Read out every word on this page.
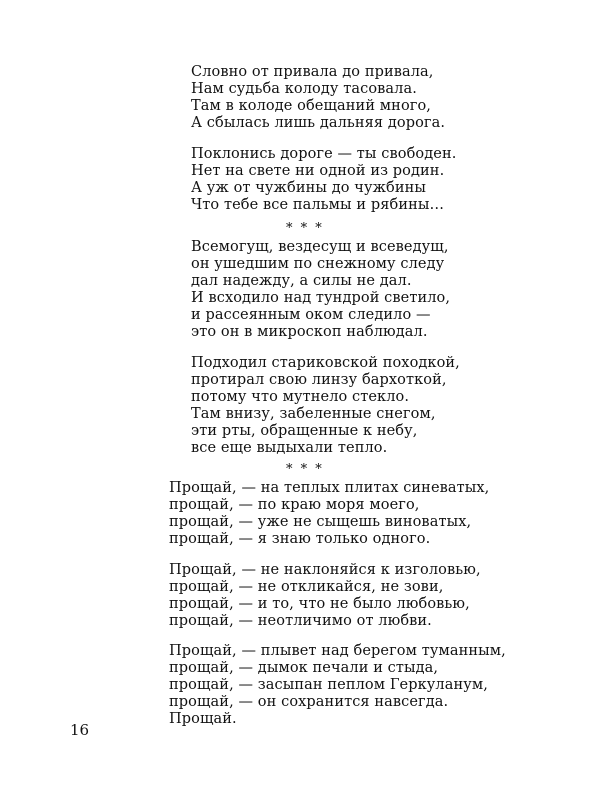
Словно от привала до привала,
Нам судьба колоду тасовала.
Там в колоде обещаний много,
А сбылась лишь дальняя дорога.
Поклонись дороге — ты свободен.
Нет на свете ни одной из родин.
А уж от чужбины до чужбины
Что тебе все пальмы и рябины…
* * *
Всемогущ, вездесущ и всеведущ,
он ушедшим по снежному следу
дал надежду, а силы не дал.
И всходило над тундрой светило,
и рассеянным оком следило —
это он в микроскоп наблюдал.
Подходил стариковской походкой,
протирал свою линзу бархоткой,
потому что мутнело стекло.
Там внизу, забеленные снегом,
эти рты, обращенные к небу,
все еще выдыхали тепло.
* * *
Прощай, — на теплых плитах синеватых,
прощай, — по краю моря моего,
прощай, — уже не сыщешь виноватых,
прощай, — я знаю только одного.
Прощай, — не наклоняйся к изголовью,
прощай, — не откликайся, не зови,
прощай, — и то, что не было любовью,
прощай, — неотличимо от любви.
Прощай, — плывет над берегом туманным,
прощай, — дымок печали и стыда,
прощай, — засыпан пеплом Геркуланум,
прощай, — он сохранится навсегда.
Прощай.
16
